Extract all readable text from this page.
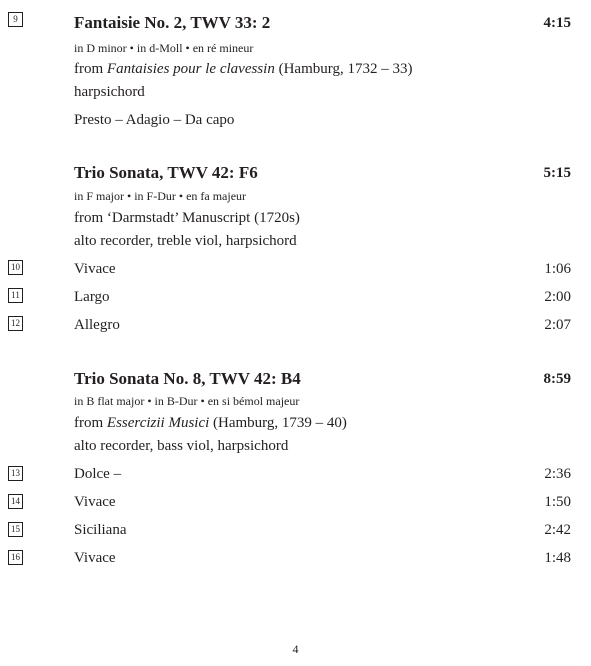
9	Fantaisie No. 2, TWV 33: 2	4:15
in D minor • in d-Moll • en ré mineur
from Fantaisies pour le clavessin (Hamburg, 1732 – 33)
harpsichord
Presto – Adagio – Da capo
Trio Sonata, TWV 42: F6	5:15
in F major • in F-Dur • en fa majeur
from ‘Darmstadt’ Manuscript (1720s)
alto recorder, treble viol, harpsichord
10	Vivace	1:06
11	Largo	2:00
12	Allegro	2:07
Trio Sonata No. 8, TWV 42: B4	8:59
in B flat major • in B-Dur • en si bémol majeur
from Essercizii Musici (Hamburg, 1739 – 40)
alto recorder, bass viol, harpsichord
13	Dolce –	2:36
14	Vivace	1:50
15	Siciliana	2:42
16	Vivace	1:48
4
